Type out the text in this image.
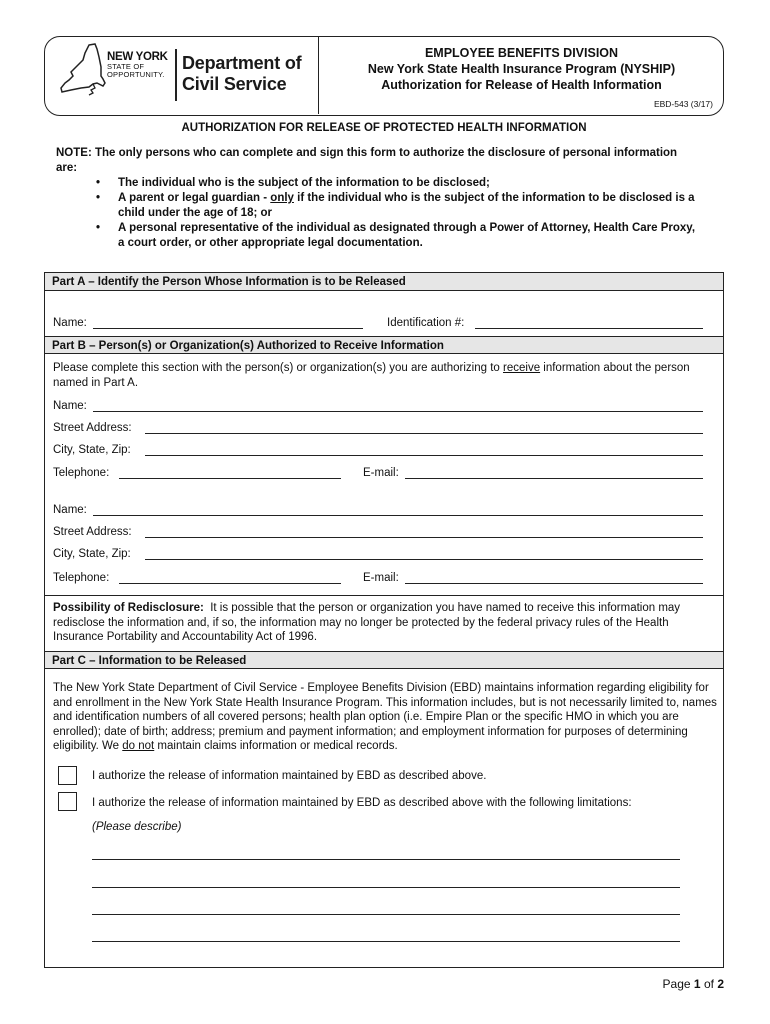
NEW YORK
STATE OF
OPPORTUNITY.
Department of
Civil Service
EMPLOYEE BENEFITS DIVISION
New York State Health Insurance Program (NYSHIP)
Authorization for Release of Health Information
EBD-543 (3/17)
AUTHORIZATION FOR RELEASE OF PROTECTED HEALTH INFORMATION
NOTE: The only persons who can complete and sign this form to authorize the disclosure of personal information are:
• The individual who is the subject of the information to be disclosed;
• A parent or legal guardian - only if the individual who is the subject of the information to be disclosed is a child under the age of 18; or
• A personal representative of the individual as designated through a Power of Attorney, Health Care Proxy, a court order, or other appropriate legal documentation.
Part A – Identify the Person Whose Information is to be Released
Name:	Identification #:
Part B – Person(s) or Organization(s) Authorized to Receive Information
Please complete this section with the person(s) or organization(s) you are authorizing to receive information about the person named in Part A.
Name:
Street Address:
City, State, Zip:
Telephone:	E-mail:
Name:
Street Address:
City, State, Zip:
Telephone:	E-mail:
Possibility of Redisclosure: It is possible that the person or organization you have named to receive this information may redisclose the information and, if so, the information may no longer be protected by the federal privacy rules of the Health Insurance Portability and Accountability Act of 1996.
Part C – Information to be Released
The New York State Department of Civil Service - Employee Benefits Division (EBD) maintains information regarding eligibility for and enrollment in the New York State Health Insurance Program. This information includes, but is not necessarily limited to, names and identification numbers of all covered persons; health plan option (i.e. Empire Plan or the specific HMO in which you are enrolled); date of birth; address; premium and payment information; and employment information for purposes of determining eligibility. We do not maintain claims information or medical records.
I authorize the release of information maintained by EBD as described above.
I authorize the release of information maintained by EBD as described above with the following limitations:
(Please describe)
Page 1 of 2
